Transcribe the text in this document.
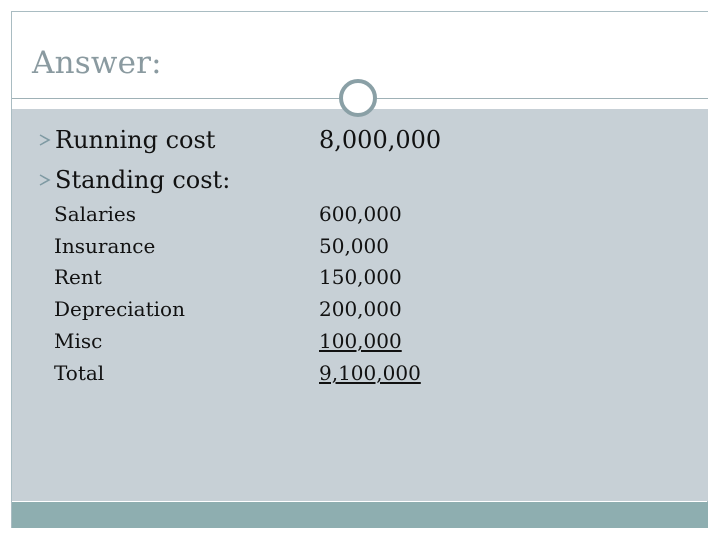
Answer:
Running cost	8,000,000
Standing cost:
Salaries	600,000
Insurance	50,000
Rent	150,000
Depreciation	200,000
Misc	100,000
Total	9,100,000
